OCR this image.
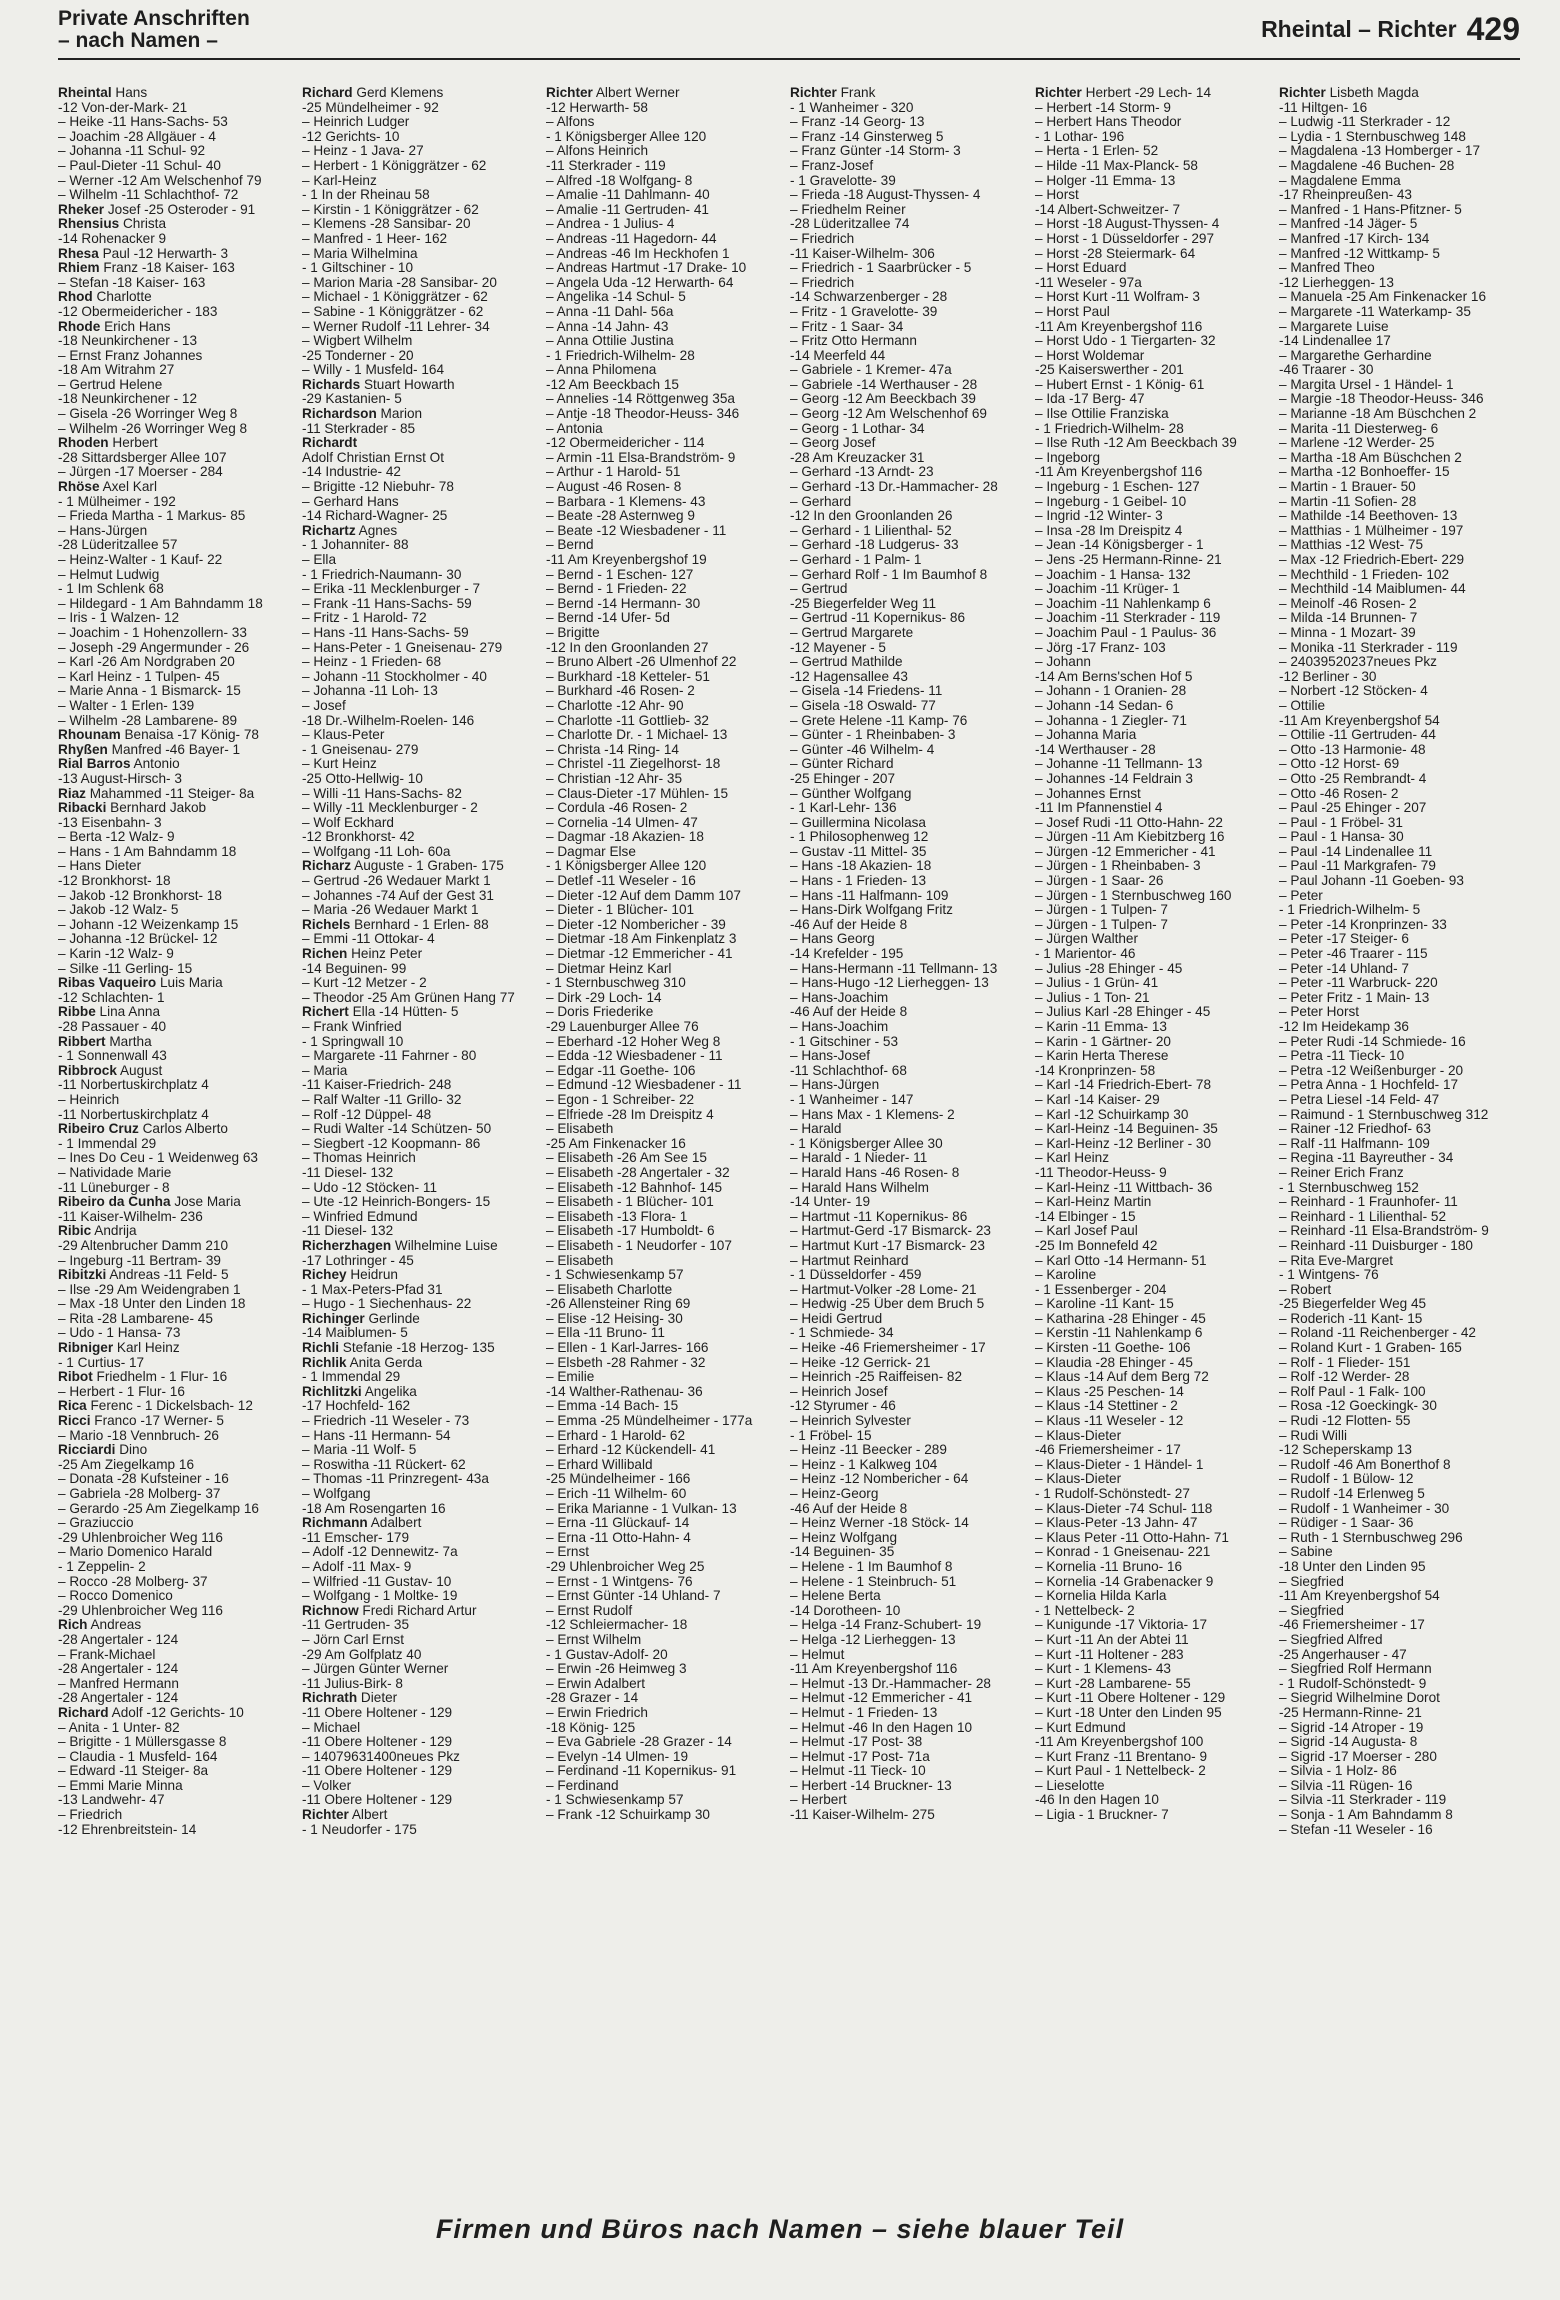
Private Anschriften
– nach Namen –	Rheintal – Richter 429
Rheintal Hans
-12 Von-der-Mark- 21
– Heike -11 Hans-Sachs- 53
– Joachim -28 Allgäuer - 4
– Johanna -11 Schul- 92
– Paul-Dieter -11 Schul- 40
– Werner -12 Am Welschenhof 79
– Wilhelm -11 Schlachthof- 72
Rheker Josef -25 Osteroder - 91
Rhensius Christa
-14 Rohenacker 9
Rhesa Paul -12 Herwarth- 3
Rhiem Franz -18 Kaiser- 163
– Stefan -18 Kaiser- 163
Rhod Charlotte
-12 Obermeidericher - 183
Rhode Erich Hans
-18 Neunkirchener - 13
– Ernst Franz Johannes
-18 Am Witrahm 27
– Gertrud Helene
-18 Neunkirchener - 12
– Gisela -26 Worringer Weg 8
– Wilhelm -26 Worringer Weg 8
Rhoden Herbert
-28 Sittardsberger Allee 107
– Jürgen -17 Moerser - 284
Rhöse Axel Karl
- 1 Mülheimer - 192
– Frieda Martha - 1 Markus- 85
– Hans-Jürgen
-28 Lüderitzallee 57
– Heinz-Walter - 1 Kauf- 22
– Helmut Ludwig
- 1 Im Schlenk 68
– Hildegard - 1 Am Bahndamm 18
– Iris - 1 Walzen- 12
– Joachim - 1 Hohenzollern- 33
– Joseph -29 Angermunder - 26
– Karl -26 Am Nordgraben 20
– Karl Heinz - 1 Tulpen- 45
– Marie Anna - 1 Bismarck- 15
– Walter - 1 Erlen- 139
– Wilhelm -28 Lambarene- 89
Rhounam Benaisa -17 König- 78
Rhyßen Manfred -46 Bayer- 1
Rial Barros Antonio
-13 August-Hirsch- 3
Riaz Mahammed -11 Steiger- 8a
Ribacki Bernhard Jakob
-13 Eisenbahn- 3
– Berta -12 Walz- 9
– Hans - 1 Am Bahndamm 18
– Hans Dieter
-12 Bronkhorst- 18
– Jakob -12 Bronkhorst- 18
– Jakob -12 Walz- 5
– Johann -12 Weizenkamp 15
– Johanna -12 Brückel- 12
– Karin -12 Walz- 9
– Silke -11 Gerling- 15
Ribas Vaqueiro Luis Maria
-12 Schlachten- 1
Ribbe Lina Anna
-28 Passauer - 40
Ribbert Martha
- 1 Sonnenwall 43
Ribbrock August
-11 Norbertuskirchplatz 4
– Heinrich
-11 Norbertuskirchplatz 4
Ribeiro Cruz Carlos Alberto
- 1 Immendal 29
– Ines Do Ceu - 1 Weidenweg 63
– Natividade Marie
-11 Lüneburger - 8
Ribeiro da Cunha Jose Maria
-11 Kaiser-Wilhelm- 236
Ribic Andrija
-29 Altenbrucher Damm 210
– Ingeburg -11 Bertram- 39
Ribitzki Andreas -11 Feld- 5
– Ilse -29 Am Weidengraben 1
– Max -18 Unter den Linden 18
– Rita -28 Lambarene- 45
– Udo - 1 Hansa- 73
Ribniger Karl Heinz
- 1 Curtius- 17
Ribot Friedhelm - 1 Flur- 16
– Herbert - 1 Flur- 16
Rica Ferenc - 1 Dickelsbach- 12
Ricci Franco -17 Werner- 5
– Mario -18 Vennbruch- 26
Ricciardi Dino
-25 Am Ziegelkamp 16
– Donata -28 Kufsteiner - 16
– Gabriela -28 Molberg- 37
– Gerardo -25 Am Ziegelkamp 16
– Graziuccio
-29 Uhlenbroicher Weg 116
– Mario Domenico Harald
- 1 Zeppelin- 2
– Rocco -28 Molberg- 37
– Rocco Domenico
-29 Uhlenbroicher Weg 116
Rich Andreas
-28 Angertaler - 124
– Frank-Michael
-28 Angertaler - 124
– Manfred Hermann
-28 Angertaler - 124
Richard Adolf -12 Gerichts- 10
– Anita - 1 Unter- 82
– Brigitte - 1 Müllersgasse 8
– Claudia - 1 Musfeld- 164
– Edward -11 Steiger- 8a
– Emmi Marie Minna
-13 Landwehr- 47
– Friedrich
-12 Ehrenbreitstein- 14
Richard Gerd Klemens
-25 Mündelheimer - 92
– Heinrich Ludger
-12 Gerichts- 10
– Heinz - 1 Java- 27
– Herbert - 1 Königgrätzer - 62
– Karl-Heinz
- 1 In der Rheinau 58
– Kirstin - 1 Königgrätzer - 62
– Klemens -28 Sansibar- 20
– Manfred - 1 Heer- 162
– Maria Wilhelmina
- 1 Giltschiner - 10
– Marion Maria -28 Sansibar- 20
– Michael - 1 Königgrätzer - 62
– Sabine - 1 Königgrätzer - 62
– Werner Rudolf -11 Lehrer- 34
– Wigbert Wilhelm
-25 Tonderner - 20
– Willy - 1 Musfeld- 164
Richards Stuart Howarth
-29 Kastanien- 5
Richardson Marion
-11 Sterkrader - 85
Richardt
Adolf Christian Ernst Ot
-14 Industrie- 42
– Brigitte -12 Niebuhr- 78
– Gerhard Hans
-14 Richard-Wagner- 25
Richartz Agnes
- 1 Johanniter- 88
– Ella
- 1 Friedrich-Naumann- 30
– Erika -11 Mecklenburger - 7
– Frank -11 Hans-Sachs- 59
– Fritz - 1 Harold- 72
– Hans -11 Hans-Sachs- 59
– Hans-Peter - 1 Gneisenau- 279
– Heinz - 1 Frieden- 68
– Johann -11 Stockholmer - 40
– Johanna -11 Loh- 13
– Josef
-18 Dr.-Wilhelm-Roelen- 146
– Klaus-Peter
- 1 Gneisenau- 279
– Kurt Heinz
-25 Otto-Hellwig- 10
– Willi -11 Hans-Sachs- 82
– Willy -11 Mecklenburger - 2
– Wolf Eckhard
-12 Bronkhorst- 42
– Wolfgang -11 Loh- 60a
Richarz Auguste - 1 Graben- 175
– Gertrud -26 Wedauer Markt 1
– Johannes -74 Auf der Gest 31
– Maria -26 Wedauer Markt 1
Richels Bernhard - 1 Erlen- 88
– Emmi -11 Ottokar- 4
Richen Heinz Peter
-14 Beguinen- 99
– Kurt -12 Metzer - 2
– Theodor -25 Am Grünen Hang 77
Richert Ella -14 Hütten- 5
– Frank Winfried
- 1 Springwall 10
– Margarete -11 Fahrner - 80
– Maria
-11 Kaiser-Friedrich- 248
– Ralf Walter -11 Grillo- 32
– Rolf -12 Düppel- 48
– Rudi Walter -14 Schützen- 50
– Siegbert -12 Koopmann- 86
– Thomas Heinrich
-11 Diesel- 132
– Udo -12 Stöcken- 11
– Ute -12 Heinrich-Bongers- 15
– Winfried Edmund
-11 Diesel- 132
Richerzhagen Wilhelmine Luise
-17 Lothringer - 45
Richey Heidrun
- 1 Max-Peters-Pfad 31
– Hugo - 1 Siechenhaus- 22
Richinger Gerlinde
-14 Maiblumen- 5
Richli Stefanie -18 Herzog- 135
Richlik Anita Gerda
- 1 Immendal 29
Richlitzki Angelika
-17 Hochfeld- 162
– Friedrich -11 Weseler - 73
– Hans -11 Hermann- 54
– Maria -11 Wolf- 5
– Roswitha -11 Rückert- 62
– Thomas -11 Prinzregent- 43a
– Wolfgang
-18 Am Rosengarten 16
Richmann Adalbert
-11 Emscher- 179
– Adolf -12 Dennewitz- 7a
– Adolf -11 Max- 9
– Wilfried -11 Gustav- 10
– Wolfgang - 1 Moltke- 19
Richnow Fredi Richard Artur
-11 Gertruden- 35
– Jörn Carl Ernst
-29 Am Golfplatz 40
– Jürgen Günter Werner
-11 Julius-Birk- 8
Richrath Dieter
-11 Obere Holtener - 129
– Michael
-11 Obere Holtener - 129
– 14079631400neues Pkz
-11 Obere Holtener - 129
– Volker
-11 Obere Holtener - 129
Richter Albert
- 1 Neudorfer - 175
Richter Albert Werner
-12 Herwarth- 58
– Alfons
- 1 Königsberger Allee 120
– Alfons Heinrich
-11 Sterkrader - 119
– Alfred -18 Wolfgang- 8
– Amalie -11 Dahlmann- 40
– Amalie -11 Gertruden- 41
– Andrea - 1 Julius- 4
– Andreas -11 Hagedorn- 44
– Andreas -46 Im Heckhofen 1
– Andreas Hartmut -17 Drake- 10
– Angela Uda -12 Herwarth- 64
– Angelika -14 Schul- 5
– Anna -11 Dahl- 56a
– Anna -14 Jahn- 43
– Anna Ottilie Justina
- 1 Friedrich-Wilhelm- 28
– Anna Philomena
-12 Am Beeckbach 15
– Annelies -14 Röttgenweg 35a
– Antje -18 Theodor-Heuss- 346
– Antonia
-12 Obermeidericher - 114
– Armin -11 Elsa-Brandström- 9
– Arthur - 1 Harold- 51
– August -46 Rosen- 8
– Barbara - 1 Klemens- 43
– Beate -28 Asternweg 9
– Beate -12 Wiesbadener - 11
– Bernd
-11 Am Kreyenbergshof 19
– Bernd - 1 Eschen- 127
– Bernd - 1 Frieden- 22
– Bernd -14 Hermann- 30
– Bernd -14 Ufer- 5d
– Brigitte
-12 In den Groonlanden 27
– Bruno Albert -26 Ulmenhof 22
– Burkhard -18 Ketteler- 51
– Burkhard -46 Rosen- 2
– Charlotte -12 Ahr- 90
– Charlotte -11 Gottlieb- 32
– Charlotte Dr. - 1 Michael- 13
– Christa -14 Ring- 14
– Christel -11 Ziegelhorst- 18
– Christian -12 Ahr- 35
– Claus-Dieter -17 Mühlen- 15
– Cordula -46 Rosen- 2
– Cornelia -14 Ulmen- 47
– Dagmar -18 Akazien- 18
– Dagmar Else
- 1 Königsberger Allee 120
– Detlef -11 Weseler - 16
– Dieter -12 Auf dem Damm 107
– Dieter - 1 Blücher- 101
– Dieter -12 Nombericher - 39
– Dietmar -18 Am Finkenplatz 3
– Dietmar -12 Emmericher - 41
– Dietmar Heinz Karl
- 1 Sternbuschweg 310
– Dirk -29 Loch- 14
– Doris Friederike
-29 Lauenburger Allee 76
– Eberhard -12 Hoher Weg 8
– Edda -12 Wiesbadener - 11
– Edgar -11 Goethe- 106
– Edmund -12 Wiesbadener - 11
– Egon - 1 Schreiber- 22
– Elfriede -28 Im Dreispitz 4
– Elisabeth
-25 Am Finkenacker 16
– Elisabeth -26 Am See 15
– Elisabeth -28 Angertaler - 32
– Elisabeth -12 Bahnhof- 145
– Elisabeth - 1 Blücher- 101
– Elisabeth -13 Flora- 1
– Elisabeth -17 Humboldt- 6
– Elisabeth - 1 Neudorfer - 107
– Elisabeth
- 1 Schwiesenkamp 57
– Elisabeth Charlotte
-26 Allensteiner Ring 69
– Elise -12 Heising- 30
– Ella -11 Bruno- 11
– Ellen - 1 Karl-Jarres- 166
– Elsbeth -28 Rahmer - 32
– Emilie
-14 Walther-Rathenau- 36
– Emma -14 Bach- 15
– Emma -25 Mündelheimer - 177a
– Erhard - 1 Harold- 62
– Erhard -12 Kückendell- 41
– Erhard Willibald
-25 Mündelheimer - 166
– Erich -11 Wilhelm- 60
– Erika Marianne - 1 Vulkan- 13
– Erna -11 Glückauf- 14
– Erna -11 Otto-Hahn- 4
– Ernst
-29 Uhlenbroicher Weg 25
– Ernst - 1 Wintgens- 76
– Ernst Günter -14 Uhland- 7
– Ernst Rudolf
-12 Schleiermacher- 18
– Ernst Wilhelm
- 1 Gustav-Adolf- 20
– Erwin -26 Heimweg 3
– Erwin Adalbert
-28 Grazer - 14
– Erwin Friedrich
-18 König- 125
– Eva Gabriele -28 Grazer - 14
– Evelyn -14 Ulmen- 19
– Ferdinand -11 Kopernikus- 91
– Ferdinand
- 1 Schwiesenkamp 57
– Frank -12 Schuirkamp 30
Richter Frank
- 1 Wanheimer - 320
– Franz -14 Georg- 13
– Franz -14 Ginsterweg 5
– Franz Günter -14 Storm- 3
– Franz-Josef
- 1 Gravelotte- 39
– Frieda -18 August-Thyssen- 4
– Friedhelm Reiner
-28 Lüderitzallee 74
– Friedrich
-11 Kaiser-Wilhelm- 306
– Friedrich - 1 Saarbrücker - 5
– Friedrich
-14 Schwarzenberger - 28
– Fritz - 1 Gravelotte- 39
– Fritz - 1 Saar- 34
– Fritz Otto Hermann
-14 Meerfeld 44
– Gabriele - 1 Kremer- 47a
– Gabriele -14 Werthauser - 28
– Georg -12 Am Beeckbach 39
– Georg -12 Am Welschenhof 69
– Georg - 1 Lothar- 34
– Georg Josef
-28 Am Kreuzacker 31
– Gerhard -13 Arndt- 23
– Gerhard -13 Dr.-Hammacher- 28
– Gerhard
-12 In den Groonlanden 26
– Gerhard - 1 Lilienthal- 52
– Gerhard -18 Ludgerus- 33
– Gerhard - 1 Palm- 1
– Gerhard Rolf - 1 Im Baumhof 8
– Gertrud
-25 Biegerfelder Weg 11
– Gertrud -11 Kopernikus- 86
– Gertrud Margarete
-12 Mayener - 5
– Gertrud Mathilde
-12 Hagensallee 43
– Gisela -14 Friedens- 11
– Gisela -18 Oswald- 77
– Grete Helene -11 Kamp- 76
– Günter - 1 Rheinbaben- 3
– Günter -46 Wilhelm- 4
– Günter Richard
-25 Ehinger - 207
– Günther Wolfgang
- 1 Karl-Lehr- 136
– Guillermina Nicolasa
- 1 Philosophenweg 12
– Gustav -11 Mittel- 35
– Hans -18 Akazien- 18
– Hans - 1 Frieden- 13
– Hans -11 Halfmann- 109
– Hans-Dirk Wolfgang Fritz
-46 Auf der Heide 8
– Hans Georg
-14 Krefelder - 195
– Hans-Hermann -11 Tellmann- 13
– Hans-Hugo -12 Lierheggen- 13
– Hans-Joachim
-46 Auf der Heide 8
– Hans-Joachim
- 1 Gitschiner - 53
– Hans-Josef
-11 Schlachthof- 68
– Hans-Jürgen
- 1 Wanheimer - 147
– Hans Max - 1 Klemens- 2
– Harald
- 1 Königsberger Allee 30
– Harald - 1 Nieder- 11
– Harald Hans -46 Rosen- 8
– Harald Hans Wilhelm
-14 Unter- 19
– Hartmut -11 Kopernikus- 86
– Hartmut-Gerd -17 Bismarck- 23
– Hartmut Kurt -17 Bismarck- 23
– Hartmut Reinhard
- 1 Düsseldorfer - 459
– Hartmut-Volker -28 Lome- 21
– Hedwig -25 Über dem Bruch 5
– Heidi Gertrud
- 1 Schmiede- 34
– Heike -46 Friemersheimer - 17
– Heike -12 Gerrick- 21
– Heinrich -25 Raiffeisen- 82
– Heinrich Josef
-12 Styrumer - 46
– Heinrich Sylvester
- 1 Fröbel- 15
– Heinz -11 Beecker - 289
– Heinz - 1 Kalkweg 104
– Heinz -12 Nombericher - 64
– Heinz-Georg
-46 Auf der Heide 8
– Heinz Werner -18 Stöck- 14
– Heinz Wolfgang
-14 Beguinen- 35
– Helene - 1 Im Baumhof 8
– Helene - 1 Steinbruch- 51
– Helene Berta
-14 Dorotheen- 10
– Helga -14 Franz-Schubert- 19
– Helga -12 Lierheggen- 13
– Helmut
-11 Am Kreyenbergshof 116
– Helmut -13 Dr.-Hammacher- 28
– Helmut -12 Emmericher - 41
– Helmut - 1 Frieden- 13
– Helmut -46 In den Hagen 10
– Helmut -17 Post- 38
– Helmut -17 Post- 71a
– Helmut -11 Tieck- 10
– Herbert -14 Bruckner- 13
– Herbert
-11 Kaiser-Wilhelm- 275
Richter Herbert -29 Lech- 14
– Herbert -14 Storm- 9
– Herbert Hans Theodor
- 1 Lothar- 196
– Herta - 1 Erlen- 52
– Hilde -11 Max-Planck- 58
– Holger -11 Emma- 13
– Horst
-14 Albert-Schweitzer- 7
– Horst -18 August-Thyssen- 4
– Horst - 1 Düsseldorfer - 297
– Horst -28 Steiermark- 64
– Horst Eduard
-11 Weseler - 97a
– Horst Kurt -11 Wolfram- 3
– Horst Paul
-11 Am Kreyenbergshof 116
– Horst Udo - 1 Tiergarten- 32
– Horst Woldemar
-25 Kaiserswerther - 201
– Hubert Ernst - 1 König- 61
– Ida -17 Berg- 47
– Ilse Ottilie Franziska
- 1 Friedrich-Wilhelm- 28
– Ilse Ruth -12 Am Beeckbach 39
– Ingeborg
-11 Am Kreyenbergshof 116
– Ingeburg - 1 Eschen- 127
– Ingeburg - 1 Geibel- 10
– Ingrid -12 Winter- 3
– Insa -28 Im Dreispitz 4
– Jean -14 Königsberger - 1
– Jens -25 Hermann-Rinne- 21
– Joachim - 1 Hansa- 132
– Joachim -11 Krüger- 1
– Joachim -11 Nahlenkamp 6
– Joachim -11 Sterkrader - 119
– Joachim Paul - 1 Paulus- 36
– Jörg -17 Franz- 103
– Johann
-14 Am Berns'schen Hof 5
– Johann - 1 Oranien- 28
– Johann -14 Sedan- 6
– Johanna - 1 Ziegler- 71
– Johanna Maria
-14 Werthauser - 28
– Johanne -11 Tellmann- 13
– Johannes -14 Feldrain 3
– Johannes Ernst
-11 Im Pfannenstiel 4
– Josef Rudi -11 Otto-Hahn- 22
– Jürgen -11 Am Kiebitzberg 16
– Jürgen -12 Emmericher - 41
– Jürgen - 1 Rheinbaben- 3
– Jürgen - 1 Saar- 26
– Jürgen - 1 Sternbuschweg 160
– Jürgen - 1 Tulpen- 7
– Jürgen - 1 Tulpen- 7
– Jürgen Walther
- 1 Marientor- 46
– Julius -28 Ehinger - 45
– Julius - 1 Grün- 41
– Julius - 1 Ton- 21
– Julius Karl -28 Ehinger - 45
– Karin -11 Emma- 13
– Karin - 1 Gärtner- 20
– Karin Herta Therese
-14 Kronprinzen- 58
– Karl -14 Friedrich-Ebert- 78
– Karl -14 Kaiser- 29
– Karl -12 Schuirkamp 30
– Karl-Heinz -14 Beguinen- 35
– Karl-Heinz -12 Berliner - 30
– Karl Heinz
-11 Theodor-Heuss- 9
– Karl-Heinz -11 Wittbach- 36
– Karl-Heinz Martin
-14 Elbinger - 15
– Karl Josef Paul
-25 Im Bonnefeld 42
– Karl Otto -14 Hermann- 51
– Karoline
- 1 Essenberger - 204
– Karoline -11 Kant- 15
– Katharina -28 Ehinger - 45
– Kerstin -11 Nahlenkamp 6
– Kirsten -11 Goethe- 106
– Klaudia -28 Ehinger - 45
– Klaus -14 Auf dem Berg 72
– Klaus -25 Peschen- 14
– Klaus -14 Stettiner - 2
– Klaus -11 Weseler - 12
– Klaus-Dieter
-46 Friemersheimer - 17
– Klaus-Dieter - 1 Händel- 1
– Klaus-Dieter
- 1 Rudolf-Schönstedt- 27
– Klaus-Dieter -74 Schul- 118
– Klaus-Peter -13 Jahn- 47
– Klaus Peter -11 Otto-Hahn- 71
– Konrad - 1 Gneisenau- 221
– Kornelia -11 Bruno- 16
– Kornelia -14 Grabenacker 9
– Kornelia Hilda Karla
- 1 Nettelbeck- 2
– Kunigunde -17 Viktoria- 17
– Kurt -11 An der Abtei 11
– Kurt -11 Holtener - 283
– Kurt - 1 Klemens- 43
– Kurt -28 Lambarene- 55
– Kurt -11 Obere Holtener - 129
– Kurt -18 Unter den Linden 95
– Kurt Edmund
-11 Am Kreyenbergshof 100
– Kurt Franz -11 Brentano- 9
– Kurt Paul - 1 Nettelbeck- 2
– Lieselotte
-46 In den Hagen 10
– Ligia - 1 Bruckner- 7
Richter Lisbeth Magda
-11 Hiltgen- 16
– Ludwig -11 Sterkrader - 12
– Lydia - 1 Sternbuschweg 148
– Magdalena -13 Homberger - 17
– Magdalene -46 Buchen- 28
– Magdalene Emma
-17 Rheinpreußen- 43
– Manfred - 1 Hans-Pfitzner- 5
– Manfred -14 Jäger- 5
– Manfred -17 Kirch- 134
– Manfred -12 Wittkamp- 5
– Manfred Theo
-12 Lierheggen- 13
– Manuela -25 Am Finkenacker 16
– Margarete -11 Waterkamp- 35
– Margarete Luise
-14 Lindenallee 17
– Margarethe Gerhardine
-46 Traarer - 30
– Margita Ursel - 1 Händel- 1
– Margie -18 Theodor-Heuss- 346
– Marianne -18 Am Büschchen 2
– Marita -11 Diesterweg- 6
– Marlene -12 Werder- 25
– Martha -18 Am Büschchen 2
– Martha -12 Bonhoeffer- 15
– Martin - 1 Brauer- 50
– Martin -11 Sofien- 28
– Mathilde -14 Beethoven- 13
– Matthias - 1 Mülheimer - 197
– Matthias -12 West- 75
– Max -12 Friedrich-Ebert- 229
– Mechthild - 1 Frieden- 102
– Mechthild -14 Maiblumen- 44
– Meinolf -46 Rosen- 2
– Milda -14 Brunnen- 7
– Minna - 1 Mozart- 39
– Monika -11 Sterkrader - 119
– 24039520237neues Pkz
-12 Berliner - 30
– Norbert -12 Stöcken- 4
– Ottilie
-11 Am Kreyenbergshof 54
– Ottilie -11 Gertruden- 44
– Otto -13 Harmonie- 48
– Otto -12 Horst- 69
– Otto -25 Rembrandt- 4
– Otto -46 Rosen- 2
– Paul -25 Ehinger - 207
– Paul - 1 Fröbel- 31
– Paul - 1 Hansa- 30
– Paul -14 Lindenallee 11
– Paul -11 Markgrafen- 79
– Paul Johann -11 Goeben- 93
– Peter
- 1 Friedrich-Wilhelm- 5
– Peter -14 Kronprinzen- 33
– Peter -17 Steiger- 6
– Peter -46 Traarer - 115
– Peter -14 Uhland- 7
– Peter -11 Warbruck- 220
– Peter Fritz - 1 Main- 13
– Peter Horst
-12 Im Heidekamp 36
– Peter Rudi -14 Schmiede- 16
– Petra -11 Tieck- 10
– Petra -12 Weißenburger - 20
– Petra Anna - 1 Hochfeld- 17
– Petra Liesel -14 Feld- 47
– Raimund - 1 Sternbuschweg 312
– Rainer -12 Friedhof- 63
– Ralf -11 Halfmann- 109
– Regina -11 Bayreuther - 34
– Reiner Erich Franz
- 1 Sternbuschweg 152
– Reinhard - 1 Fraunhofer- 11
– Reinhard - 1 Lilienthal- 52
– Reinhard -11 Elsa-Brandström- 9
– Reinhard -11 Duisburger - 180
– Rita Eve-Margret
- 1 Wintgens- 76
– Robert
-25 Biegerfelder Weg 45
– Roderich -11 Kant- 15
– Roland -11 Reichenberger - 42
– Roland Kurt - 1 Graben- 165
– Rolf - 1 Flieder- 151
– Rolf -12 Werder- 28
– Rolf Paul - 1 Falk- 100
– Rosa -12 Goeckingk- 30
– Rudi -12 Flotten- 55
– Rudi Willi
-12 Scheperskamp 13
– Rudolf -46 Am Bonerthof 8
– Rudolf - 1 Bülow- 12
– Rudolf -14 Erlenweg 5
– Rudolf - 1 Wanheimer - 30
– Rüdiger - 1 Saar- 36
– Ruth - 1 Sternbuschweg 296
– Sabine
-18 Unter den Linden 95
– Siegfried
-11 Am Kreyenbergshof 54
– Siegfried
-46 Friemersheimer - 17
– Siegfried Alfred
-25 Angerhauser - 47
– Siegfried Rolf Hermann
- 1 Rudolf-Schönstedt- 9
– Siegrid Wilhelmine Dorot
-25 Hermann-Rinne- 21
– Sigrid -14 Atroper - 19
– Sigrid -14 Augusta- 8
– Sigrid -17 Moerser - 280
– Silvia - 1 Holz- 86
– Silvia -11 Rügen- 16
– Silvia -11 Sterkrader - 119
– Sonja - 1 Am Bahndamm 8
– Stefan -11 Weseler - 16
Firmen und Büros nach Namen – siehe blauer Teil
